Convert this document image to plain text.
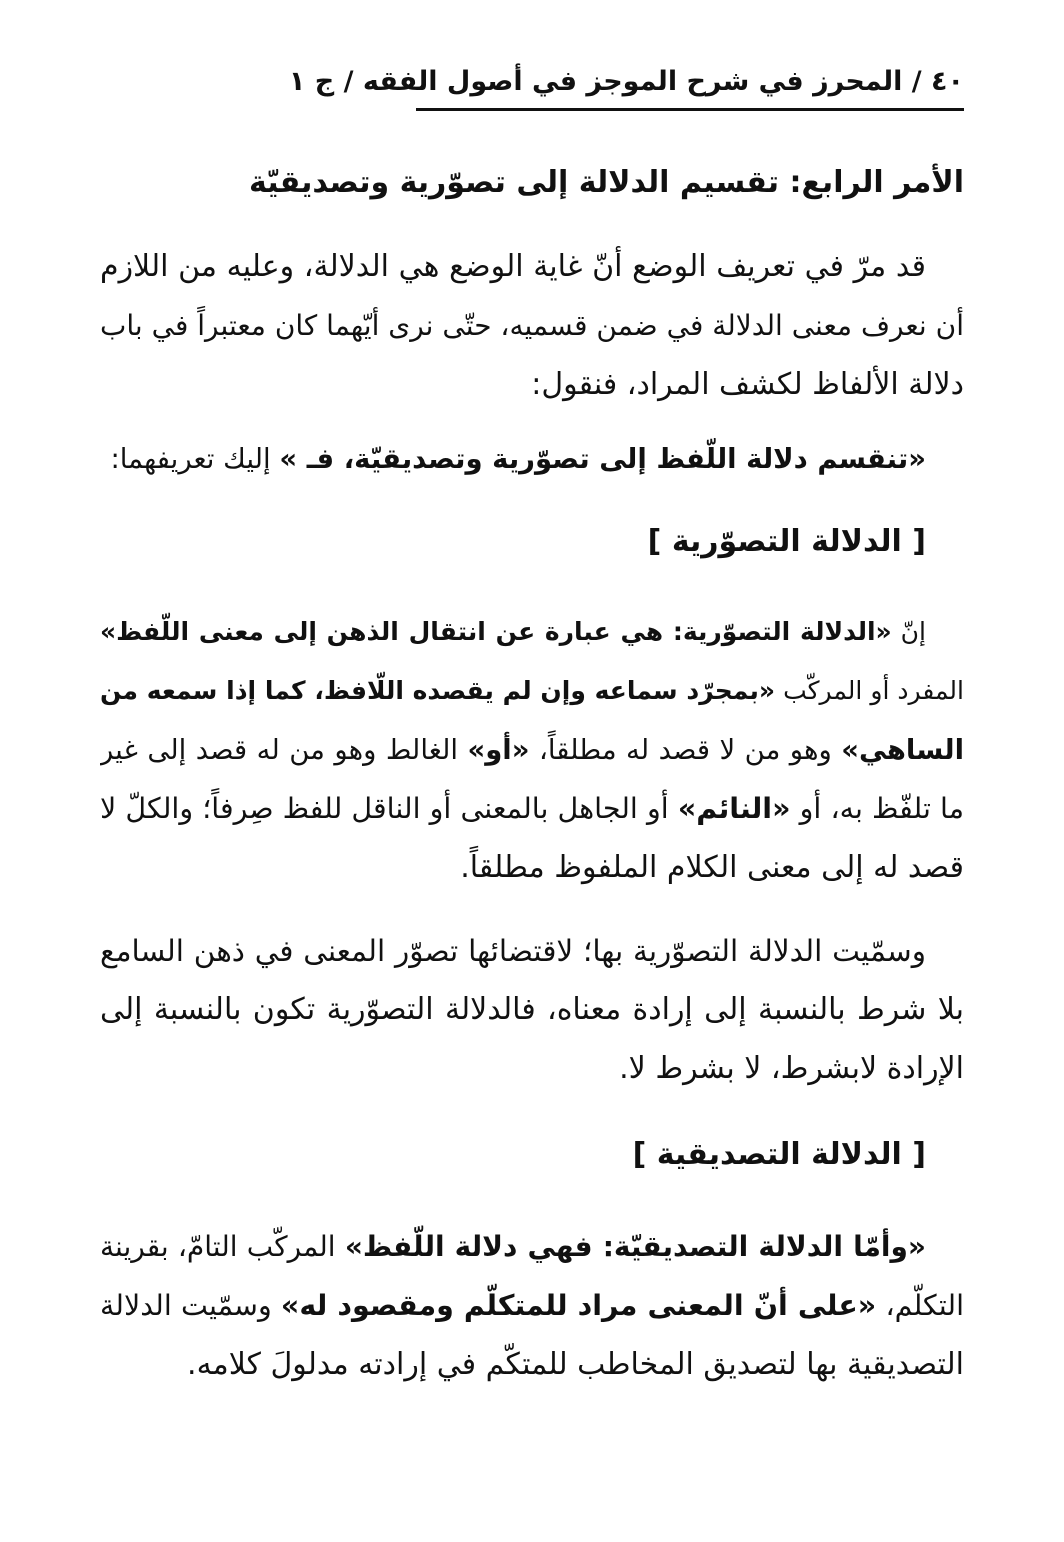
٤٠ / المحرز في شرح الموجز في أصول الفقه / ج ١
الأمر الرابع: تقسيم الدلالة إلى تصوّرية وتصديقيّة
قد مرّ في تعريف الوضع أنّ غاية الوضع هي الدلالة، وعليه من اللازم
أن نعرف معنى الدلالة في ضمن قسميه، حتّى نرى أيّهما كان معتبراً في باب
دلالة الألفاظ لكشف المراد، فنقول:
«تنقسم دلالة اللّفظ إلى تصوّرية وتصديقيّة، فـ » إليك تعريفهما:
[ الدلالة التصوّرية ]
إنّ «الدلالة التصوّرية: هي عبارة عن انتقال الذهن إلى معنى اللّفظ»
المفرد أو المركّب «بمجرّد سماعه وإن لم يقصده اللّافظ، كما إذا سمعه من
الساهي» وهو من لا قصد له مطلقاً، «أو» الغالط وهو من له قصد إلى غير
ما تلفّظ به، أو «النائم» أو الجاهل بالمعنى أو الناقل للفظ صِرفاً؛ والكلّ لا
قصد له إلى معنى الكلام الملفوظ مطلقاً.
وسمّيت الدلالة التصوّرية بها؛ لاقتضائها تصوّر المعنى في ذهن السامع
بلا شرط بالنسبة إلى إرادة معناه، فالدلالة التصوّرية تكون بالنسبة إلى
الإرادة لابشرط، لا بشرط لا.
[ الدلالة التصديقية ]
«وأمّا الدلالة التصديقيّة: فهي دلالة اللّفظ» المركّب التامّ، بقرينة
التكلّم، «على أنّ المعنى مراد للمتكلّم ومقصود له» وسمّيت الدلالة
التصديقية بها لتصديق المخاطب للمتكّم في إرادته مدلولَ كلامه.
